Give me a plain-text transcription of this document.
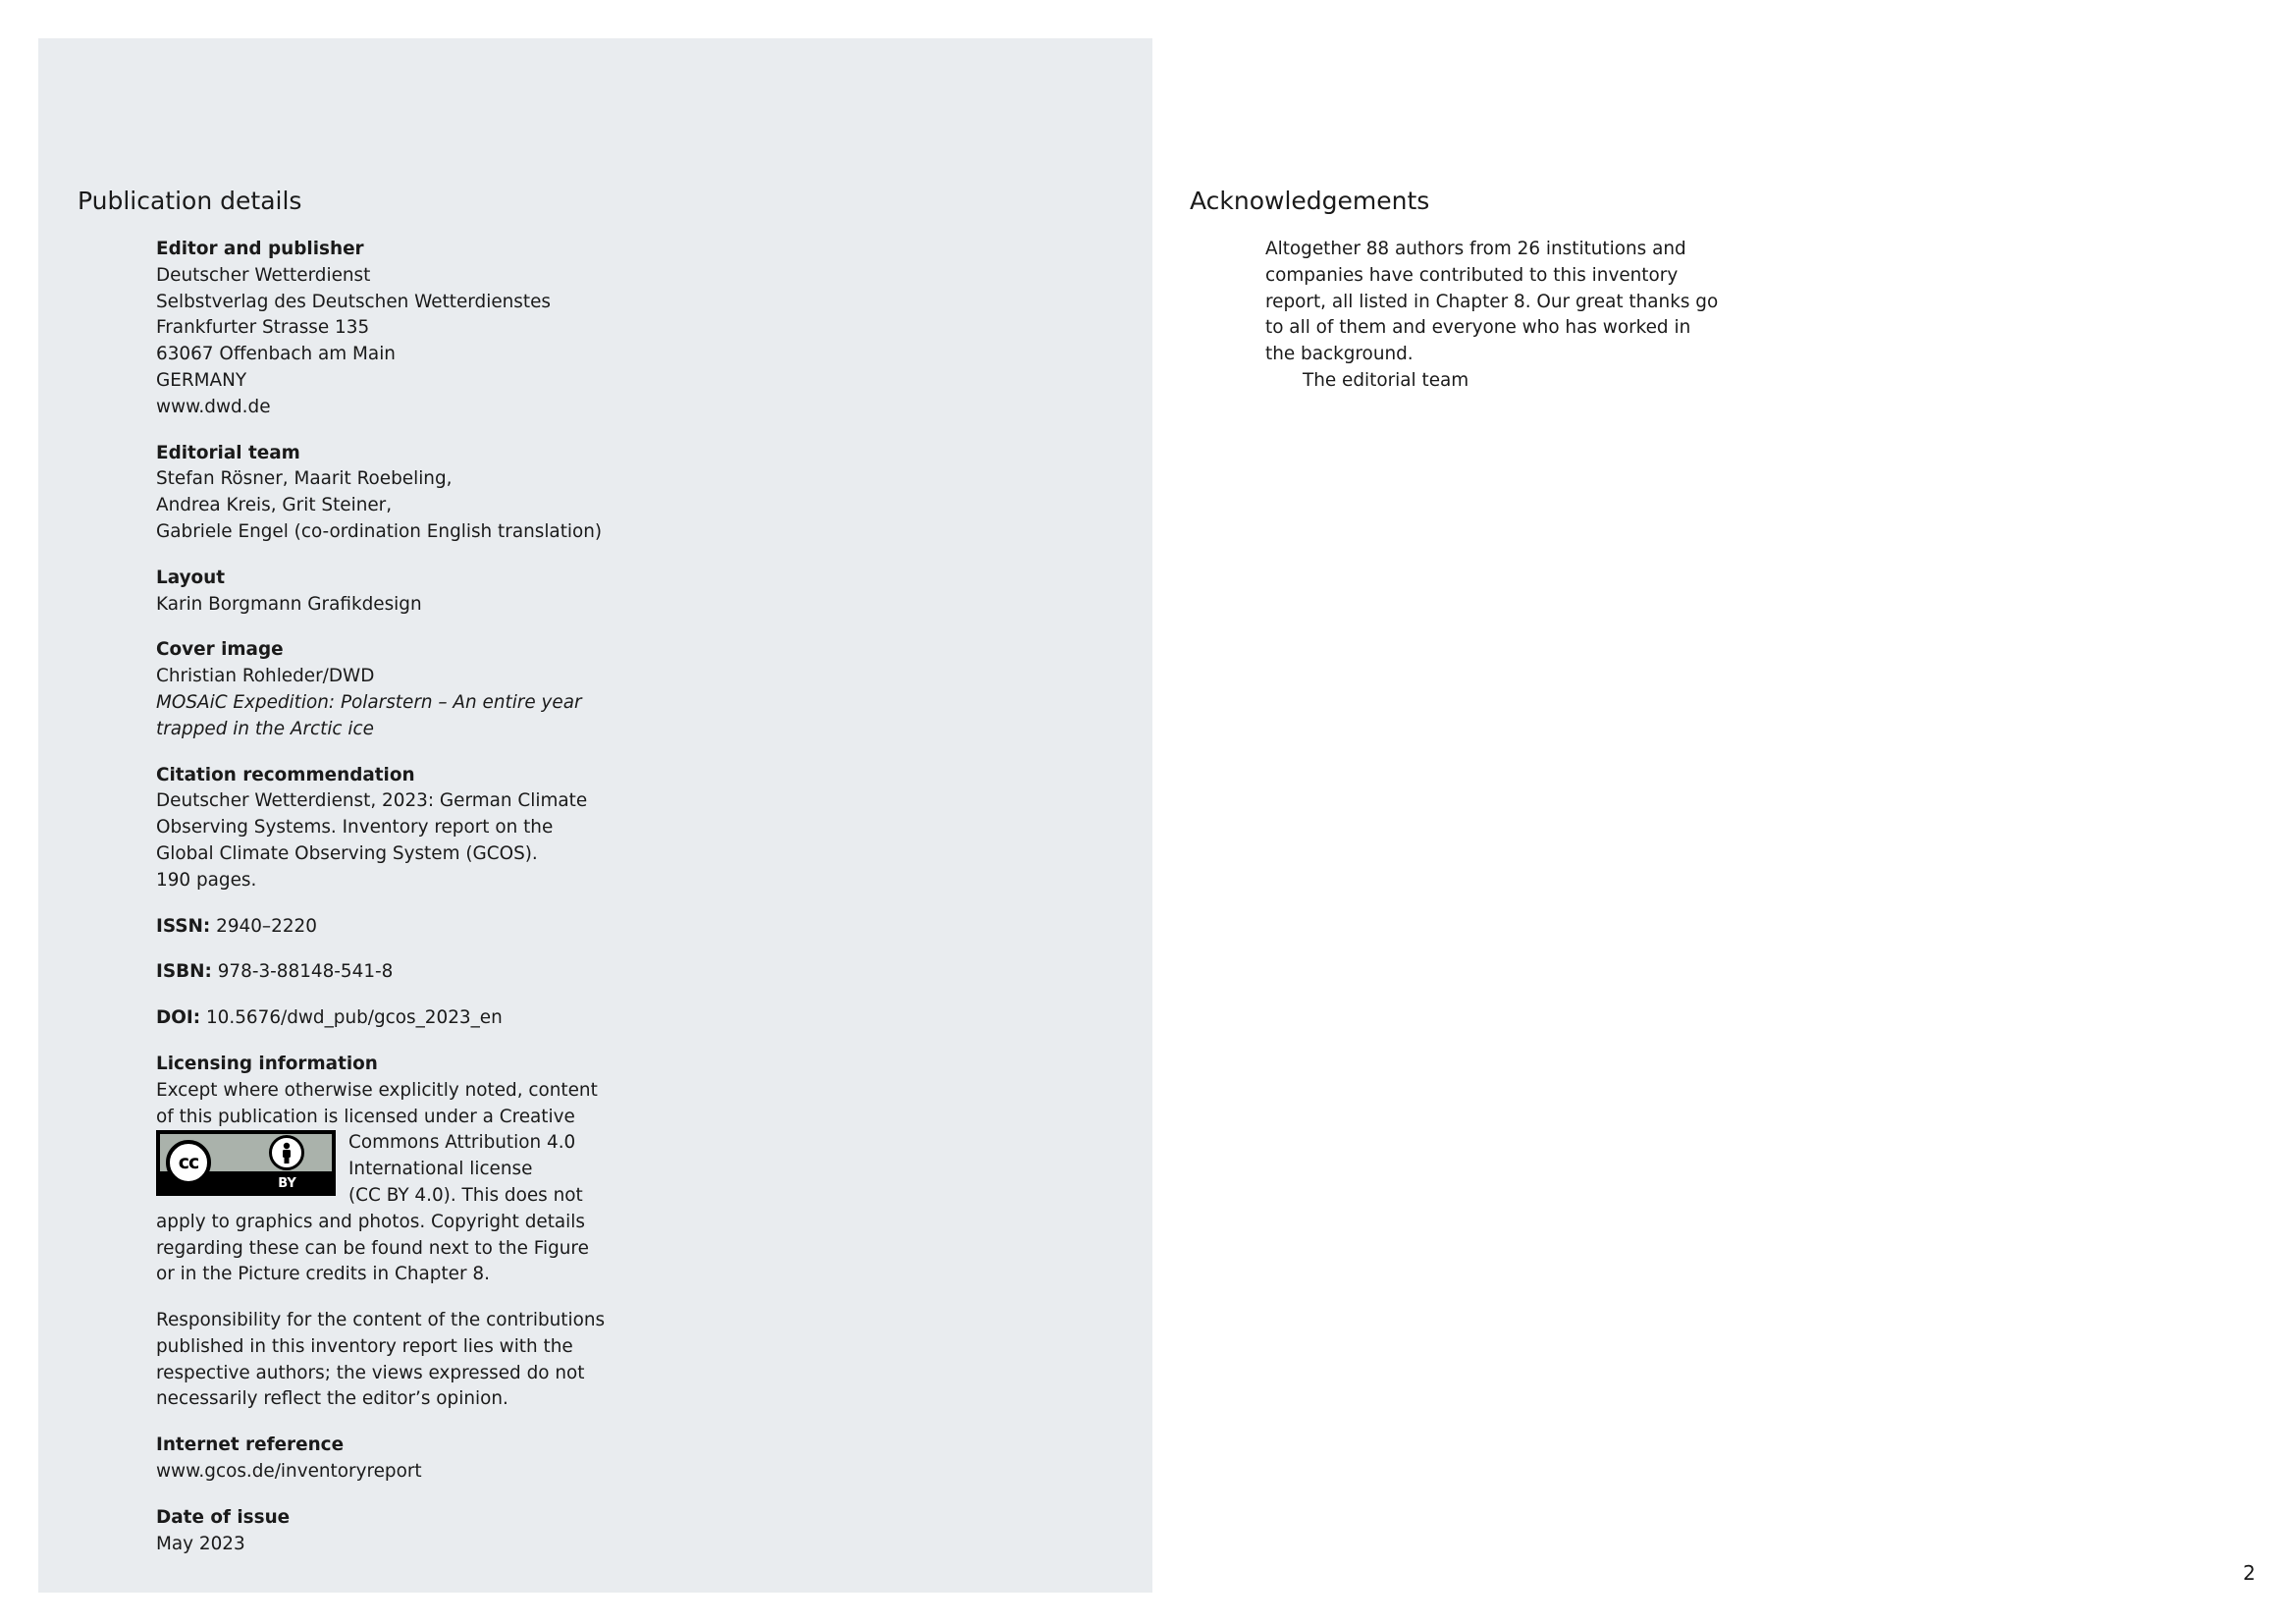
Publication details
Editor and publisher
Deutscher Wetterdienst
Selbstverlag des Deutschen Wetterdienstes
Frankfurter Strasse 135
63067 Offenbach am Main
GERMANY
www.dwd.de
Editorial team
Stefan Rösner, Maarit Roebeling,
Andrea Kreis, Grit Steiner,
Gabriele Engel (co-ordination English translation)
Layout
Karin Borgmann Grafikdesign
Cover image
Christian Rohleder/DWD
MOSAiC Expedition: Polarstern – An entire year
trapped in the Arctic ice
Citation recommendation
Deutscher Wetterdienst, 2023: German Climate
Observing Systems. Inventory report on the
Global Climate Observing System (GCOS).
190 pages.
ISSN: 2940–2220
ISBN: 978-3-88148-541-8
DOI: 10.5676/dwd_pub/gcos_2023_en
Licensing information
Except where otherwise explicitly noted, content
of this publication is licensed under a Creative
cc
BY
Commons Attribution 4.0
International license
(CC BY 4.0). This does not
apply to graphics and photos. Copyright details
regarding these can be found next to the Figure
or in the Picture credits in Chapter 8.
Responsibility for the content of the contributions
published in this inventory report lies with the
respective authors; the views expressed do not
necessarily reflect the editor’s opinion.
Internet reference
www.gcos.de/inventoryreport
Date of issue
May 2023
Acknowledgements
Altogether 88 authors from 26 institutions and
companies have contributed to this inventory
report, all listed in Chapter 8. Our great thanks go
to all of them and everyone who has worked in
the background.
The editorial team
2
